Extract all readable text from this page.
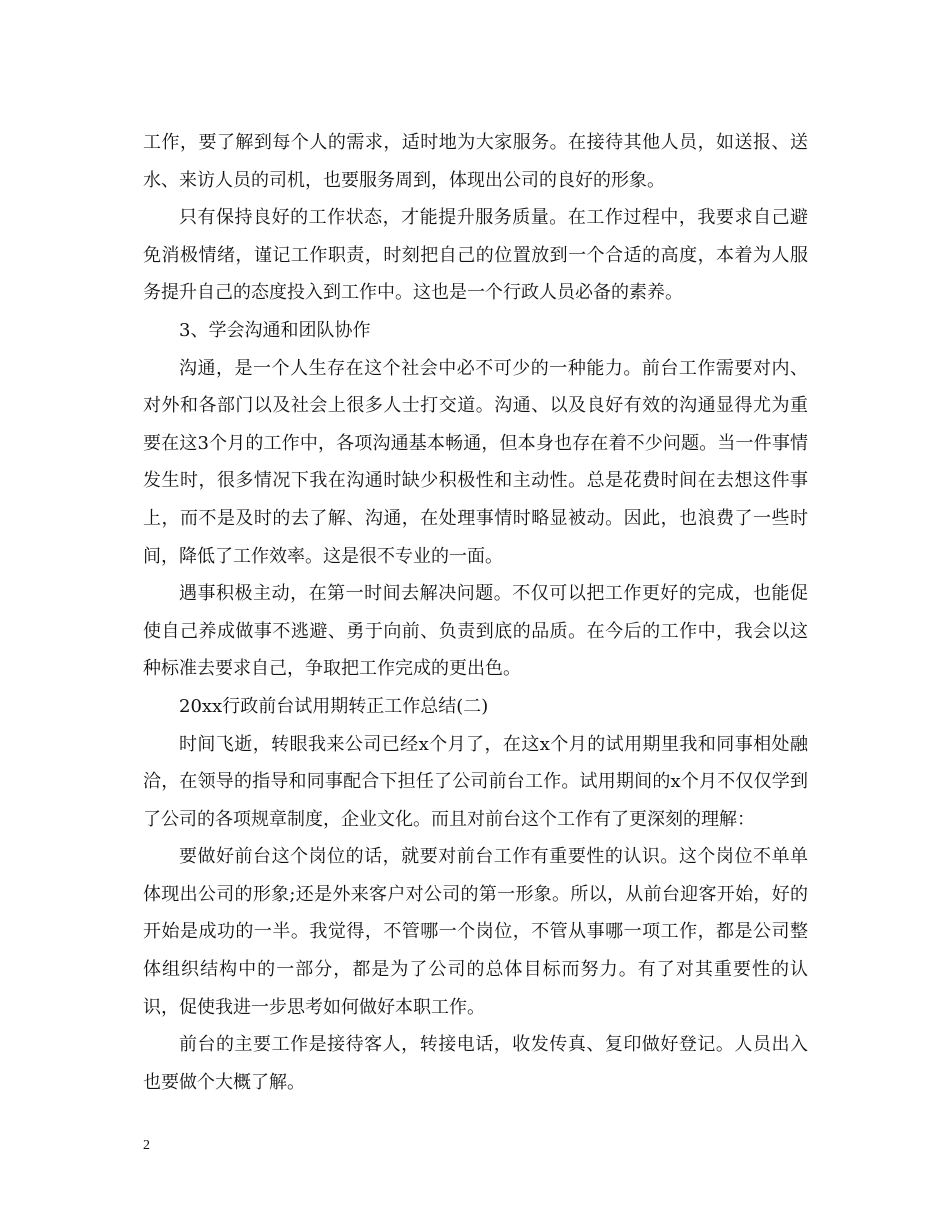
工作，要了解到每个人的需求，适时地为大家服务。在接待其他人员，如送报、送水、来访人员的司机，也要服务周到，体现出公司的良好的形象。

只有保持良好的工作状态，才能提升服务质量。在工作过程中，我要求自己避免消极情绪，谨记工作职责，时刻把自己的位置放到一个合适的高度，本着为人服务提升自己的态度投入到工作中。这也是一个行政人员必备的素养。

3、学会沟通和团队协作

沟通，是一个人生存在这个社会中必不可少的一种能力。前台工作需要对内、对外和各部门以及社会上很多人士打交道。沟通、以及良好有效的沟通显得尤为重要在这3个月的工作中，各项沟通基本畅通，但本身也存在着不少问题。当一件事情发生时，很多情况下我在沟通时缺少积极性和主动性。总是花费时间在去想这件事上，而不是及时的去了解、沟通，在处理事情时略显被动。因此，也浪费了一些时间，降低了工作效率。这是很不专业的一面。

遇事积极主动，在第一时间去解决问题。不仅可以把工作更好的完成，也能促使自己养成做事不逃避、勇于向前、负责到底的品质。在今后的工作中，我会以这种标准去要求自己，争取把工作完成的更出色。

20xx行政前台试用期转正工作总结(二)

时间飞逝，转眼我来公司已经x个月了，在这x个月的试用期里我和同事相处融洽，在领导的指导和同事配合下担任了公司前台工作。试用期间的x个月不仅仅学到了公司的各项规章制度，企业文化。而且对前台这个工作有了更深刻的理解：

要做好前台这个岗位的话，就要对前台工作有重要性的认识。这个岗位不单单体现出公司的形象;还是外来客户对公司的第一形象。所以，从前台迎客开始，好的开始是成功的一半。我觉得，不管哪一个岗位，不管从事哪一项工作，都是公司整体组织结构中的一部分，都是为了公司的总体目标而努力。有了对其重要性的认识，促使我进一步思考如何做好本职工作。

前台的主要工作是接待客人，转接电话，收发传真、复印做好登记。人员出入也要做个大概了解。

2
